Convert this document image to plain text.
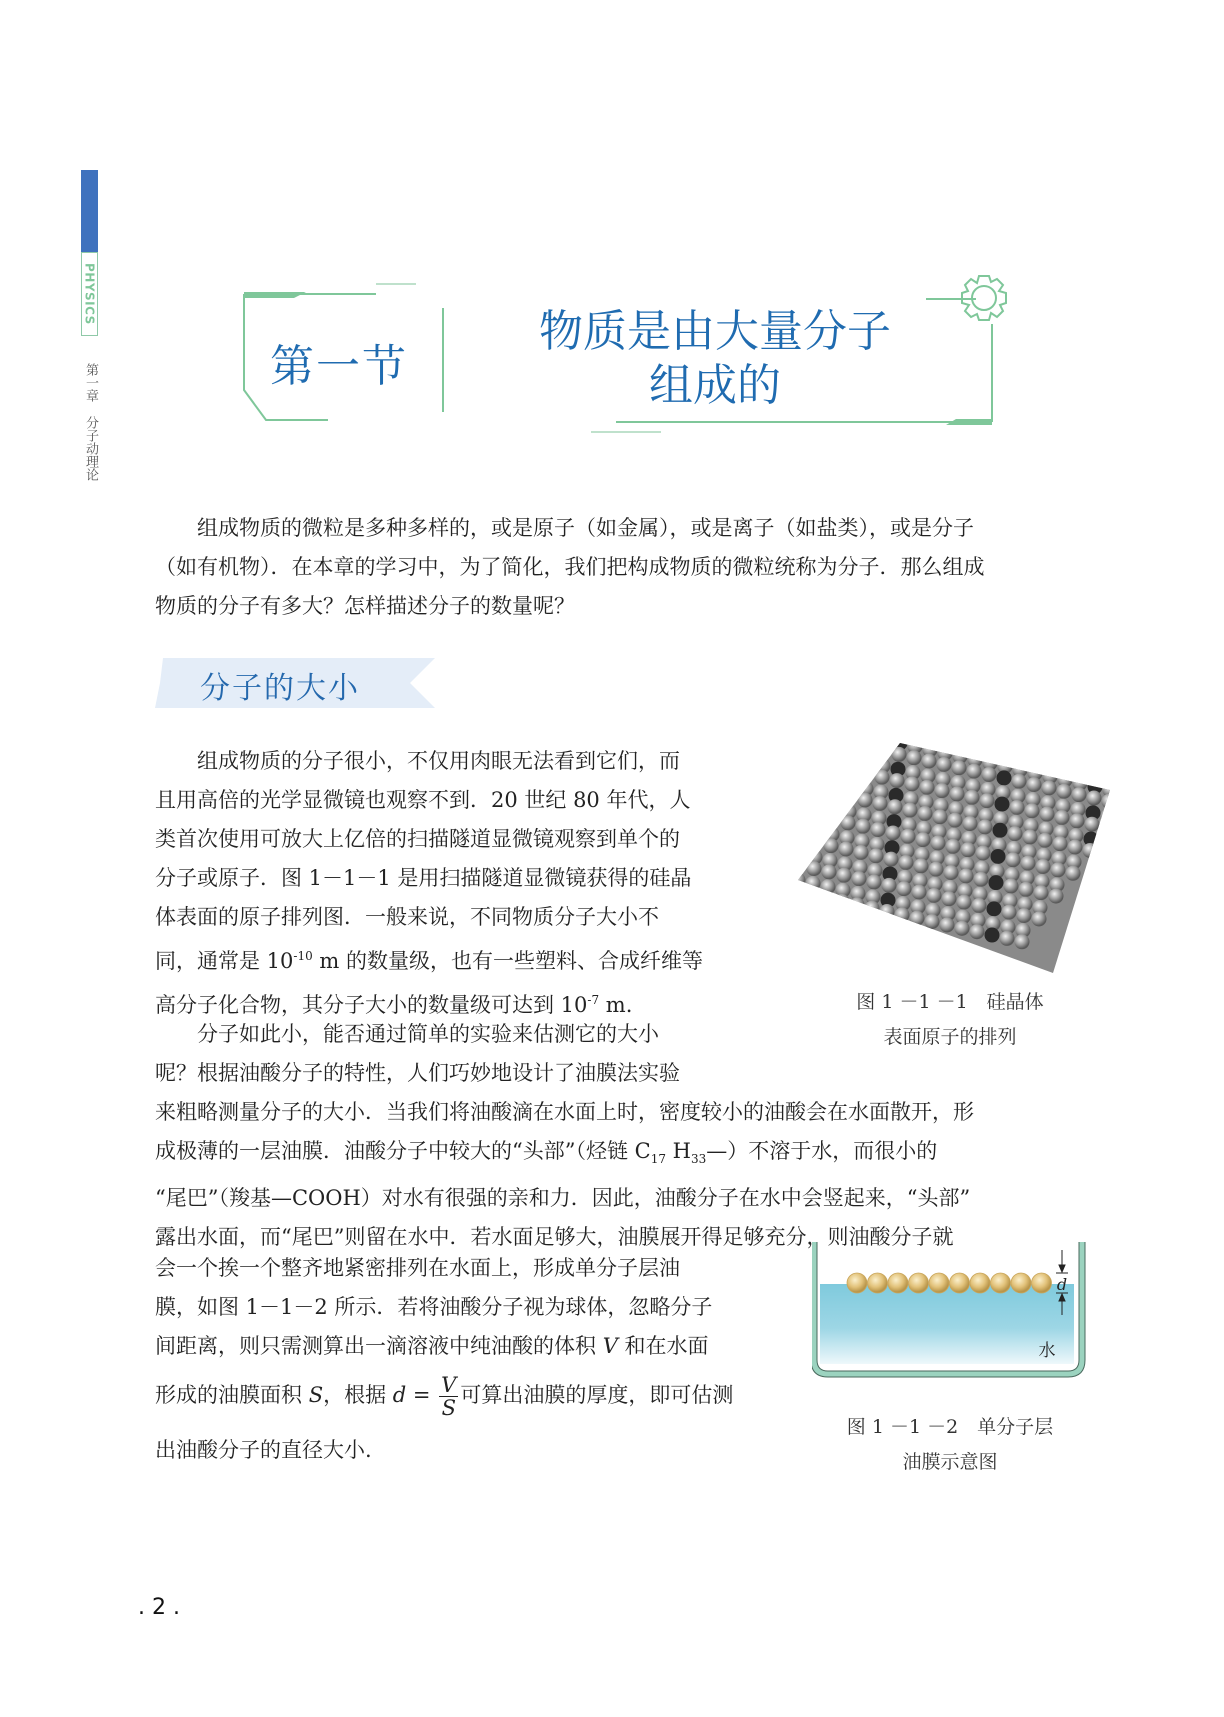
PHYSICS
第一章分子动理论
第一节
物质是由大量分子
组成的
组成物质的微粒是多种多样的，或是原子（如金属），或是离子（如盐类），或是分子
（如有机物）．在本章的学习中，为了简化，我们把构成物质的微粒统称为分子．那么组成
物质的分子有多大？怎样描述分子的数量呢？
分子的大小
组成物质的分子很小，不仅用肉眼无法看到它们，而
且用高倍的光学显微镜也观察不到．20 世纪 80 年代，人
类首次使用可放大上亿倍的扫描隧道显微镜观察到单个的
分子或原子．图 1－1－1 是用扫描隧道显微镜获得的硅晶
体表面的原子排列图．一般来说，不同物质分子大小不
同，通常是 $10^{-10}$ m 的数量级，也有一些塑料、合成纤维等
高分子化合物，其分子大小的数量级可达到 $10^{-7}$ m.
分子如此小，能否通过简单的实验来估测它的大小
呢？根据油酸分子的特性，人们巧妙地设计了油膜法实验
来粗略测量分子的大小．当我们将油酸滴在水面上时，密度较小的油酸会在水面散开，形
成极薄的一层油膜．油酸分子中较大的“头部”（烃链 $C_{17}$ $H_{33}—$）不溶于水，而很小的
“尾巴”（羧基—COOH）对水有很强的亲和力．因此，油酸分子在水中会竖起来，“头部”
露出水面，而“尾巴”则留在水中．若水面足够大，油膜展开得足够充分，则油酸分子就
会一个挨一个整齐地紧密排列在水面上，形成单分子层油
膜，如图 1－1－2 所示．若将油酸分子视为球体，忽略分子
间距离，则只需测算出一滴溶液中纯油酸的体积 V 和在水面
形成的油膜面积 S，根据 $d = \frac{V}{S}$ 可算出油膜的厚度，即可估测
出油酸分子的直径大小.
图 1 －1 －1　硅晶体
表面原子的排列
d
水
图 1 －1 －2　单分子层
油膜示意图
. 2 .
